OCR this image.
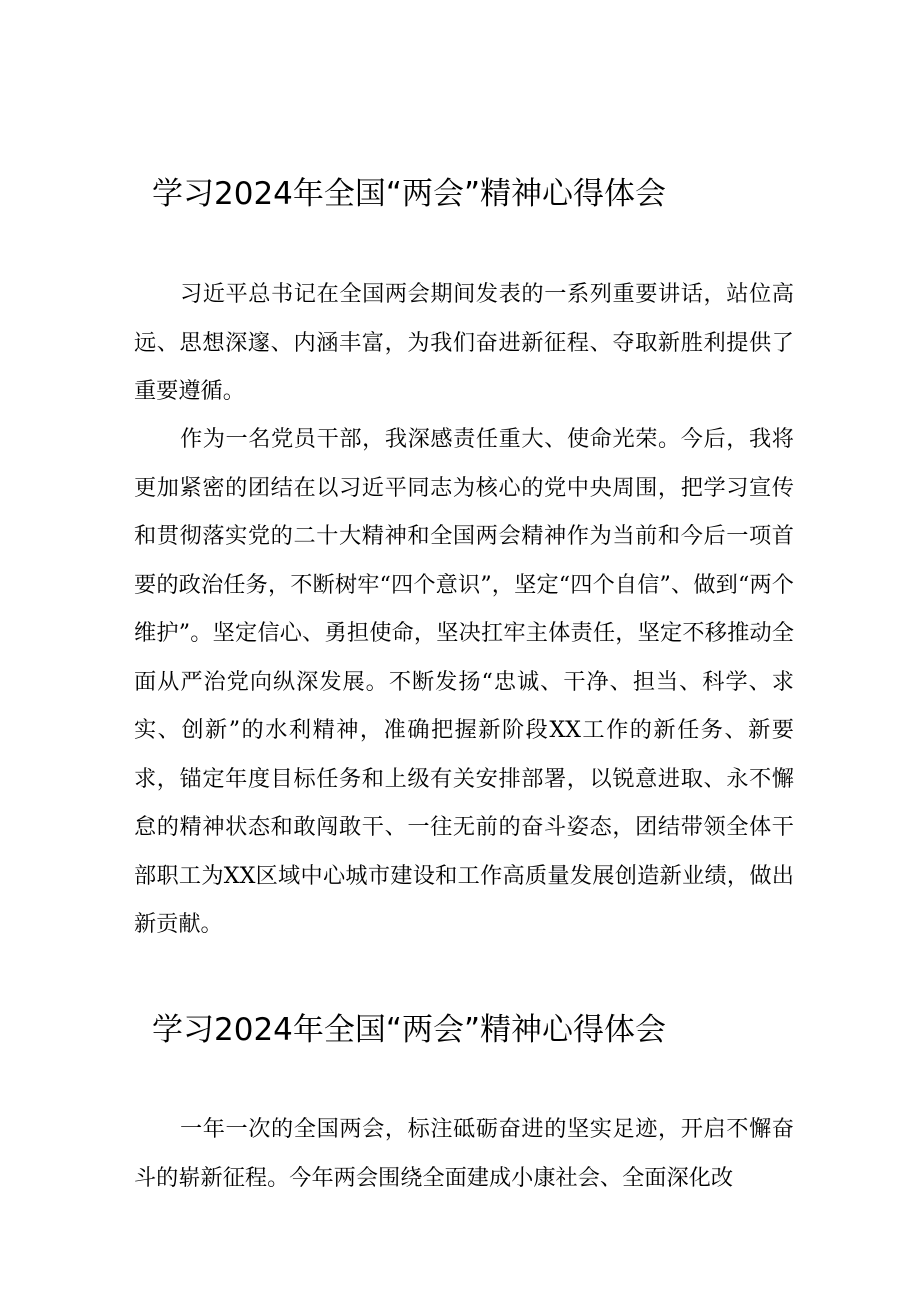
学习2024年全国“两会”精神心得体会

习近平总书记在全国两会期间发表的一系列重要讲话，站位高远、思想深邃、内涵丰富，为我们奋进新征程、夺取新胜利提供了重要遵循。

作为一名党员干部，我深感责任重大、使命光荣。今后，我将更加紧密的团结在以习近平同志为核心的党中央周围，把学习宣传和贯彻落实党的二十大精神和全国两会精神作为当前和今后一项首要的政治任务，不断树牢“四个意识”，坚定“四个自信”、做到“两个维护”。坚定信心、勇担使命，坚决扛牢主体责任，坚定不移推动全面从严治党向纵深发展。不断发扬“忠诚、干净、担当、科学、求实、创新”的水利精神，准确把握新阶段XX工作的新任务、新要求，锚定年度目标任务和上级有关安排部署，以锐意进取、永不懈怠的精神状态和敢闯敢干、一往无前的奋斗姿态，团结带领全体干部职工为XX区域中心城市建设和工作高质量发展创造新业绩，做出新贡献。

学习2024年全国“两会”精神心得体会

一年一次的全国两会，标注砥砺奋进的坚实足迹，开启不懈奋斗的崭新征程。今年两会围绕全面建成小康社会、全面深化改
